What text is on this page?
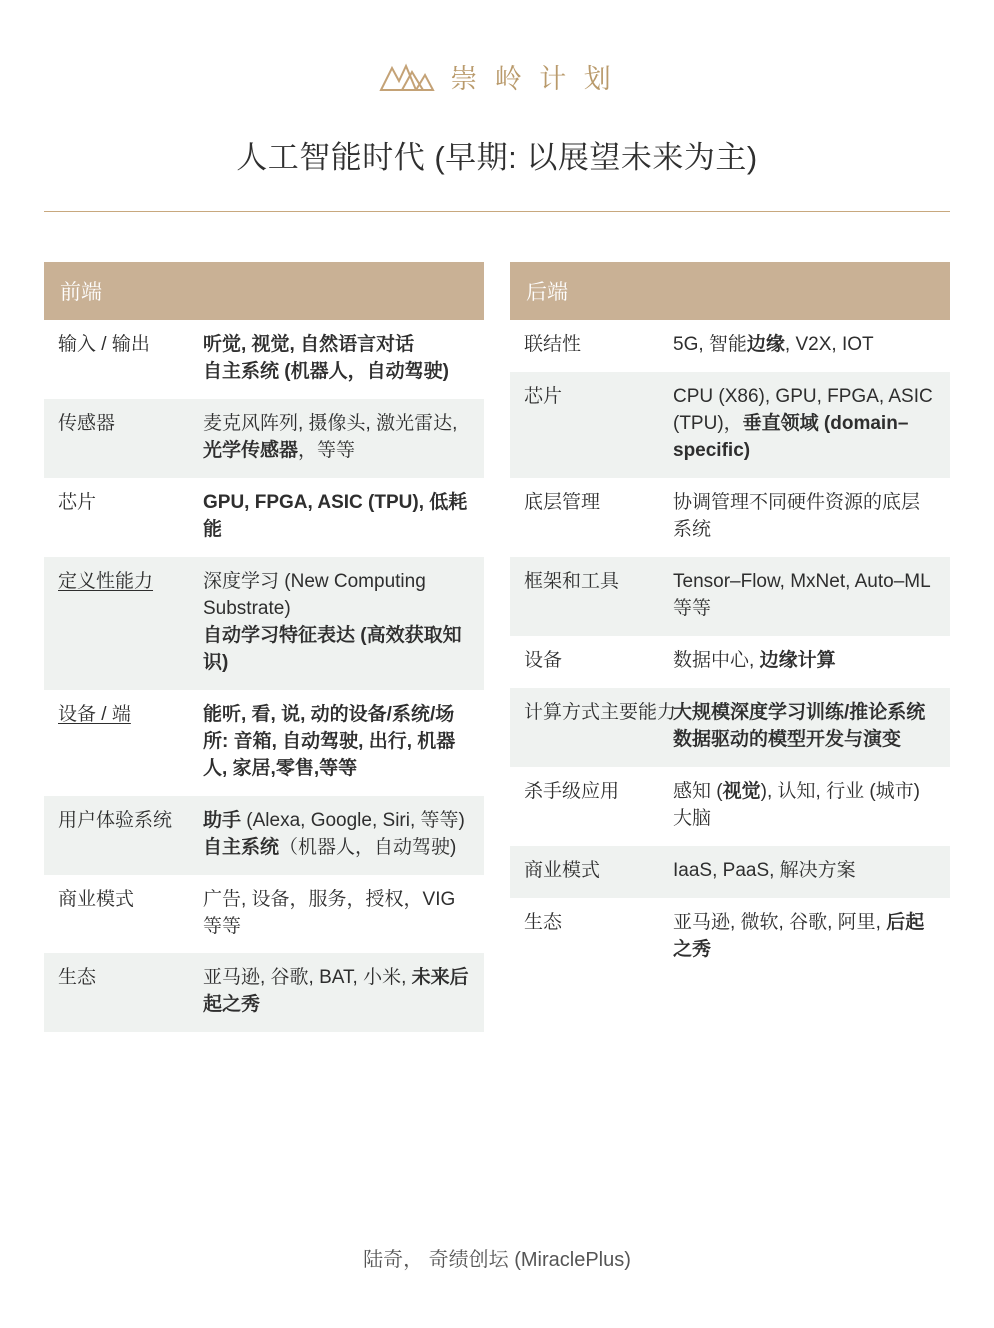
崇 岭 计 划
人工智能时代 (早期: 以展望未来为主)
前端
输入 / 输出	听觉, 视觉, 自然语言对话
自主系统 (机器人，自动驾驶)
传感器	麦克风阵列, 摄像头, 激光雷达, 光学传感器，等等
芯片	GPU, FPGA, ASIC (TPU), 低耗能
定义性能力	深度学习 (New Computing Substrate)
自动学习特征表达 (高效获取知识)
设备 / 端	能听, 看, 说, 动的设备/系统/场所: 音箱, 自动驾驶, 出行, 机器人, 家居,零售,等等
用户体验系统	助手 (Alexa, Google, Siri, 等等)
自主系统（机器人，自动驾驶)
商业模式	广告, 设备，服务，授权，VIG等等
生态	亚马逊, 谷歌, BAT, 小米, 未来后起之秀
后端
联结性	5G, 智能边缘, V2X, IOT
芯片	CPU (X86), GPU, FPGA, ASIC (TPU)，垂直领域 (domain–specific)
底层管理	协调管理不同硬件资源的底层系统
框架和工具	Tensor–Flow, MxNet, Auto–ML等等
设备	数据中心, 边缘计算
计算方式主要能力	大规模深度学习训练/推论系统
数据驱动的模型开发与演变
杀手级应用	感知 (视觉), 认知, 行业 (城市) 大脑
商业模式	IaaS, PaaS, 解决方案
生态	亚马逊, 微软, 谷歌, 阿里, 后起之秀
陆奇， 奇绩创坛 (MiraclePlus)
